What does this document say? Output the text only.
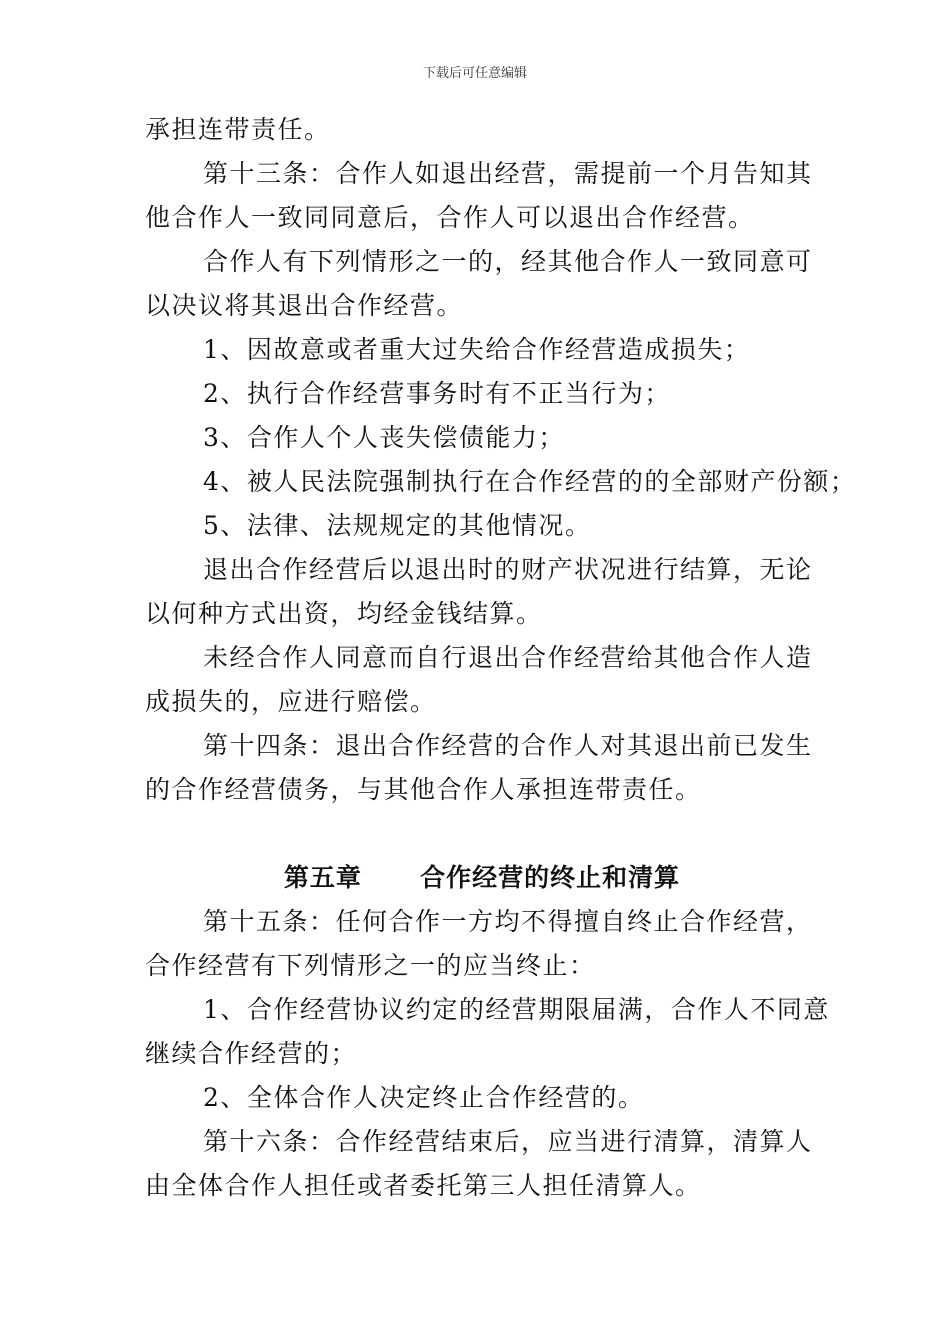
下载后可任意编辑

承担连带责任。

第十三条：合作人如退出经营，需提前一个月告知其

他合作人一致同同意后，合作人可以退出合作经营。

合作人有下列情形之一的，经其他合作人一致同意可

以决议将其退出合作经营。

1、因故意或者重大过失给合作经营造成损失；

2、执行合作经营事务时有不正当行为；

3、合作人个人丧失偿债能力；

4、被人民法院强制执行在合作经营的的全部财产份额；

5、法律、法规规定的其他情况。

退出合作经营后以退出时的财产状况进行结算，无论

以何种方式出资，均经金钱结算。

未经合作人同意而自行退出合作经营给其他合作人造

成损失的，应进行赔偿。

第十四条：退出合作经营的合作人对其退出前已发生

的合作经营债务，与其他合作人承担连带责任。

第五章      合作经营的终止和清算

第十五条：任何合作一方均不得擅自终止合作经营，

合作经营有下列情形之一的应当终止：

1、合作经营协议约定的经营期限届满，合作人不同意

继续合作经营的；

2、全体合作人决定终止合作经营的。

第十六条：合作经营结束后，应当进行清算，清算人

由全体合作人担任或者委托第三人担任清算人。
